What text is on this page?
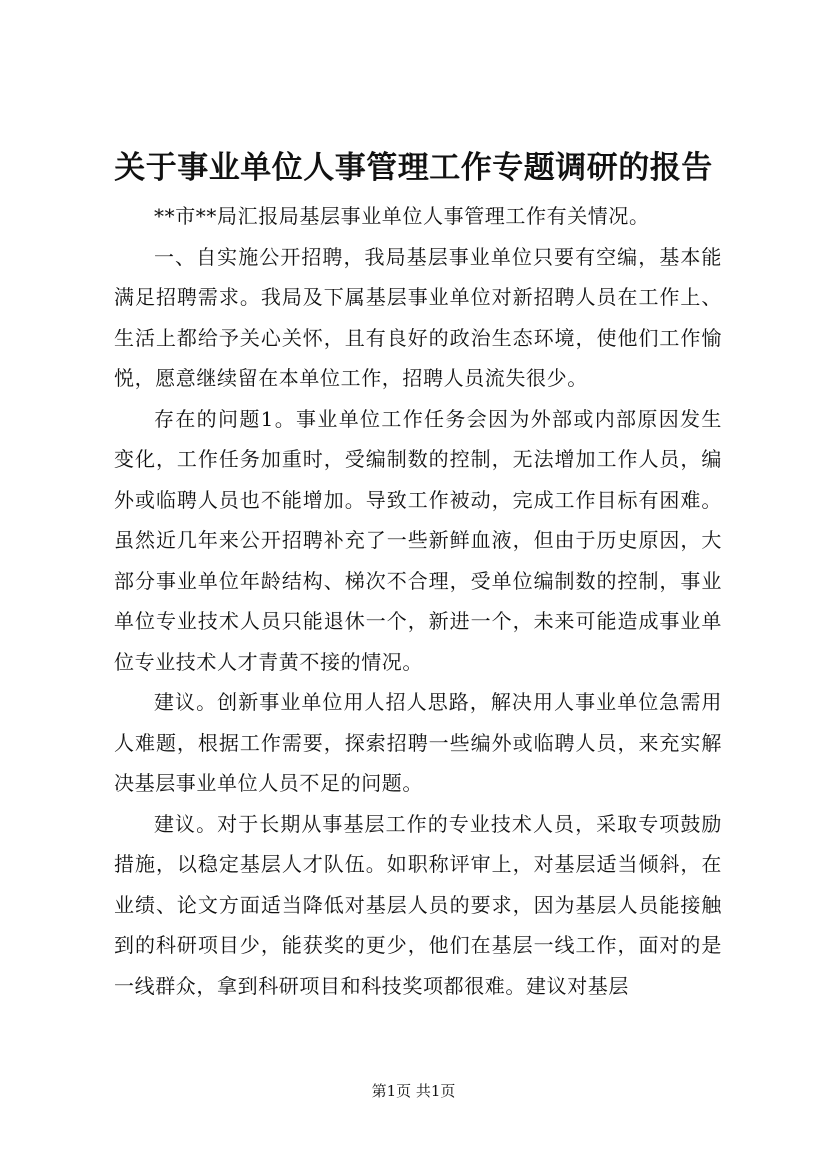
关于事业单位人事管理工作专题调研的报告

**市**局汇报局基层事业单位人事管理工作有关情况。

一、自实施公开招聘，我局基层事业单位只要有空编，基本能满足招聘需求。我局及下属基层事业单位对新招聘人员在工作上、生活上都给予关心关怀，且有良好的政治生态环境，使他们工作愉悦，愿意继续留在本单位工作，招聘人员流失很少。

存在的问题1。事业单位工作任务会因为外部或内部原因发生变化，工作任务加重时，受编制数的控制，无法增加工作人员，编外或临聘人员也不能增加。导致工作被动，完成工作目标有困难。虽然近几年来公开招聘补充了一些新鲜血液，但由于历史原因，大部分事业单位年龄结构、梯次不合理，受单位编制数的控制，事业单位专业技术人员只能退休一个，新进一个，未来可能造成事业单位专业技术人才青黄不接的情况。

建议。创新事业单位用人招人思路，解决用人事业单位急需用人难题，根据工作需要，探索招聘一些编外或临聘人员，来充实解决基层事业单位人员不足的问题。

建议。对于长期从事基层工作的专业技术人员，采取专项鼓励措施，以稳定基层人才队伍。如职称评审上，对基层适当倾斜，在业绩、论文方面适当降低对基层人员的要求，因为基层人员能接触到的科研项目少，能获奖的更少，他们在基层一线工作，面对的是一线群众，拿到科研项目和科技奖项都很难。建议对基层

第1页 共1页
